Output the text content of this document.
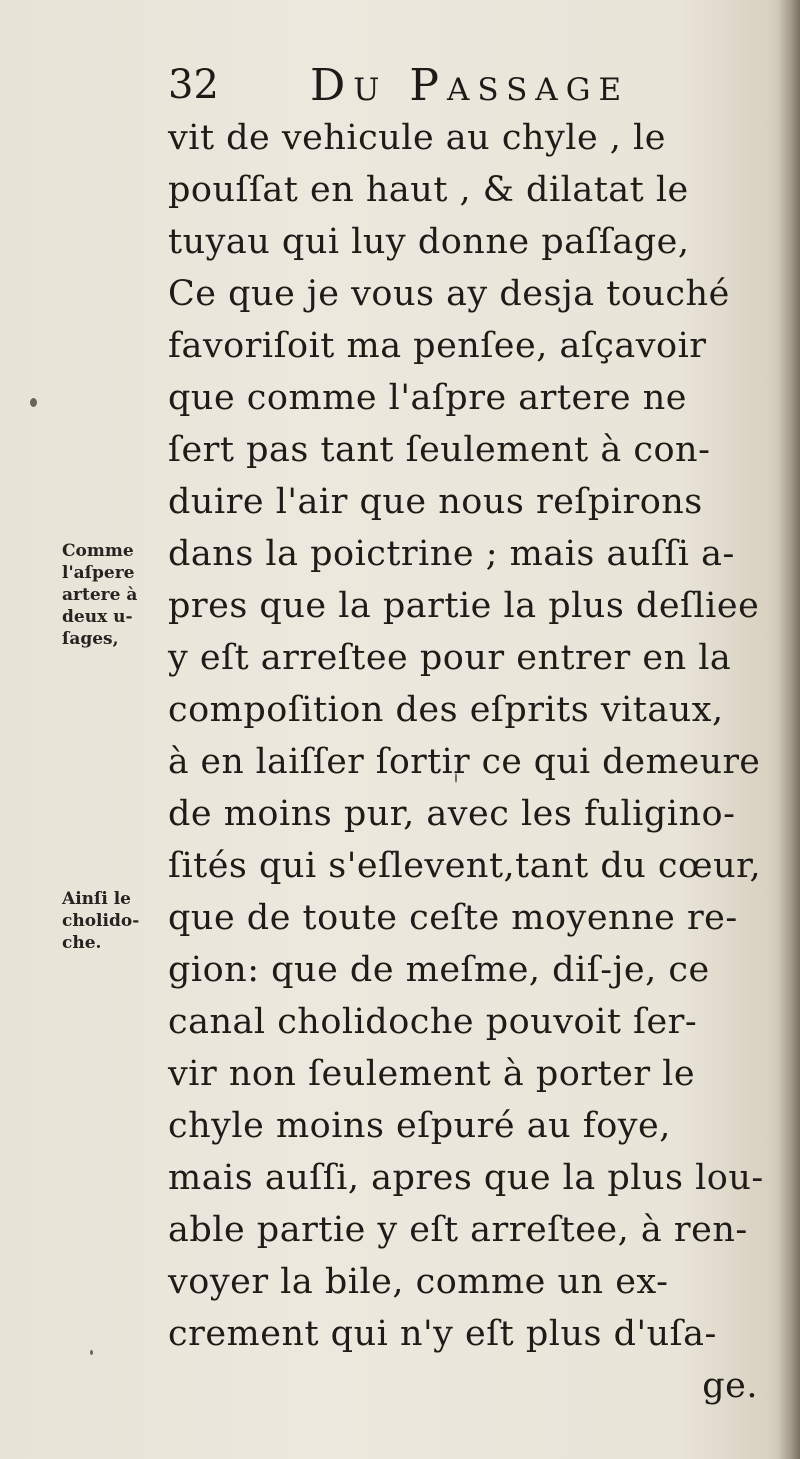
32 Du Passage
vit de vehicule au chyle , le
pouſſat en haut , & dilatat le
tuyau qui luy donne paſſage,
Ce que je vous ay desja touché
favoriſoit ma penſee, aſçavoir
que comme l'aſpre artere ne
ſert pas tant ſeulement à con-
duire l'air que nous reſpirons
dans la poictrine ; mais auſſi a-
pres que la partie la plus deſliee
y eſt arreſtee pour entrer en la
compoſition des eſprits vitaux,
à en laiſſer ſortir ce qui demeure
de moins pur, avec les fuligino-
ſités qui s'eſlevent,tant du cœur,
que de toute ceſte moyenne re-
gion: que de meſme, diſ-je, ce
canal cholidoche pouvoit ſer-
vir non ſeulement à porter le
chyle moins eſpuré au foye,
mais auſſi, apres que la plus lou-
able partie y eſt arreſtee, à ren-
voyer la bile, comme un ex-
crement qui n'y eſt plus d'uſa-
ge.
Comme
l'aſpere
artere à
deux u-
ſages,
Ainſi le
cholido-
che.
